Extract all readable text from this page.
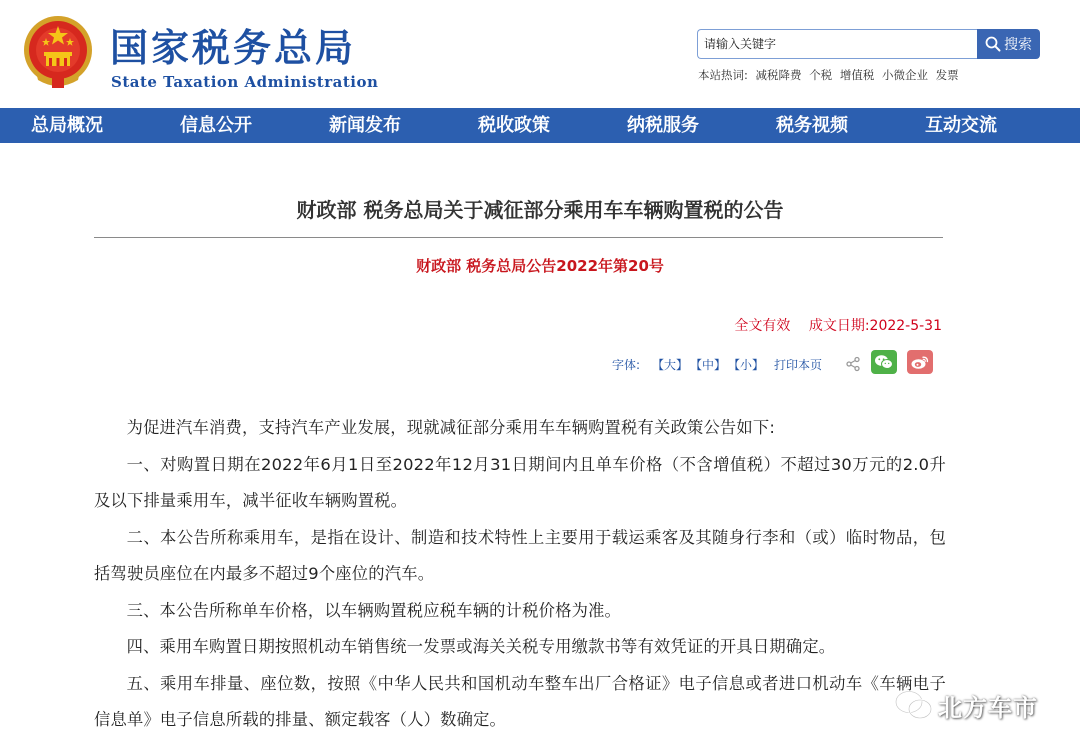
国家税务总局
State Taxation Administration
请输入关键字
搜索
本站热词: 减税降费 个税 增值税 小微企业 发票
总局概况	信息公开	新闻发布	税收政策	纳税服务	税务视频	互动交流
财政部 税务总局关于减征部分乘用车车辆购置税的公告
财政部 税务总局公告2022年第20号
全文有效 成文日期:2022-5-31
字体: 【大】 【中】 【小】 打印本页

为促进汽车消费，支持汽车产业发展，现就减征部分乘用车车辆购置税有关政策公告如下:

一、对购置日期在2022年6月1日至2022年12月31日期间内且单车价格（不含增值税）不超过30万元的2.0升及以下排量乘用车，减半征收车辆购置税。

二、本公告所称乘用车，是指在设计、制造和技术特性上主要用于载运乘客及其随身行李和（或）临时物品，包括驾驶员座位在内最多不超过9个座位的汽车。

三、本公告所称单车价格，以车辆购置税应税车辆的计税价格为准。

四、乘用车购置日期按照机动车销售统一发票或海关关税专用缴款书等有效凭证的开具日期确定。

五、乘用车排量、座位数，按照《中华人民共和国机动车整车出厂合格证》电子信息或者进口机动车《车辆电子信息单》电子信息所载的排量、额定载客（人）数确定。	北方车市
